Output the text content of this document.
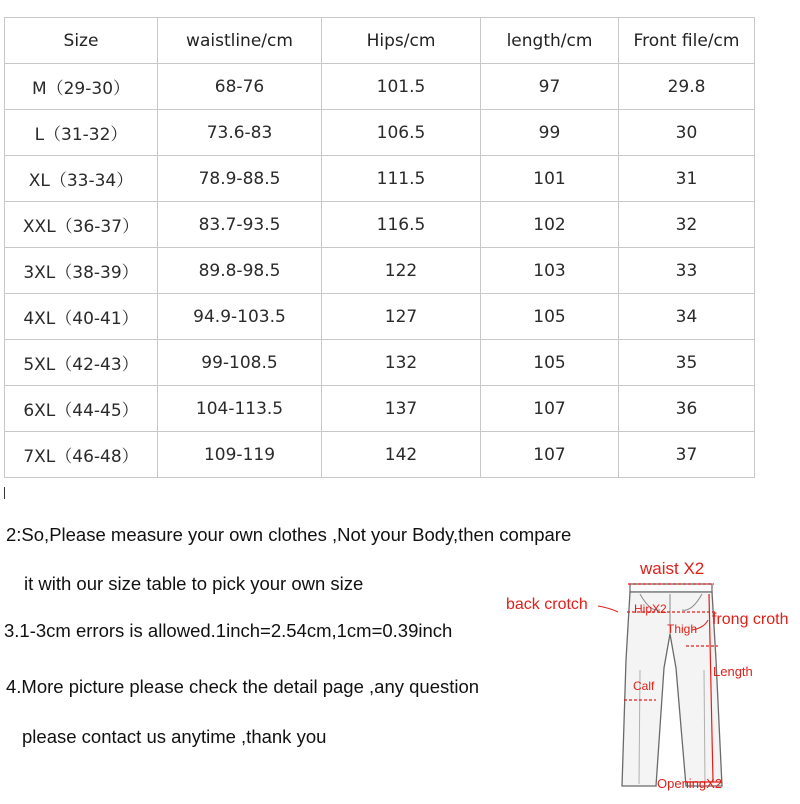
Size	waistline/cm	Hips/cm	length/cm	Front file/cm
M（29-30）	68-76	101.5	97	29.8
L（31-32）	73.6-83	106.5	99	30
XL（33-34）	78.9-88.5	111.5	101	31
XXL（36-37）	83.7-93.5	116.5	102	32
3XL（38-39）	89.8-98.5	122	103	33
4XL（40-41）	94.9-103.5	127	105	34
5XL（42-43）	99-108.5	132	105	35
6XL（44-45）	104-113.5	137	107	36
7XL（46-48）	109-119	142	107	37
2:So,Please measure your own clothes ,Not your Body,then compare
it with our size table to pick your own size
3.1-3cm errors is allowed.1inch=2.54cm,1cm=0.39inch
4.More picture please check the detail page ,any question
please contact us anytime ,thank you
waist X2
back crotch	HipX2
frong croth
Thigh
Length
Calf
OpeningX2
